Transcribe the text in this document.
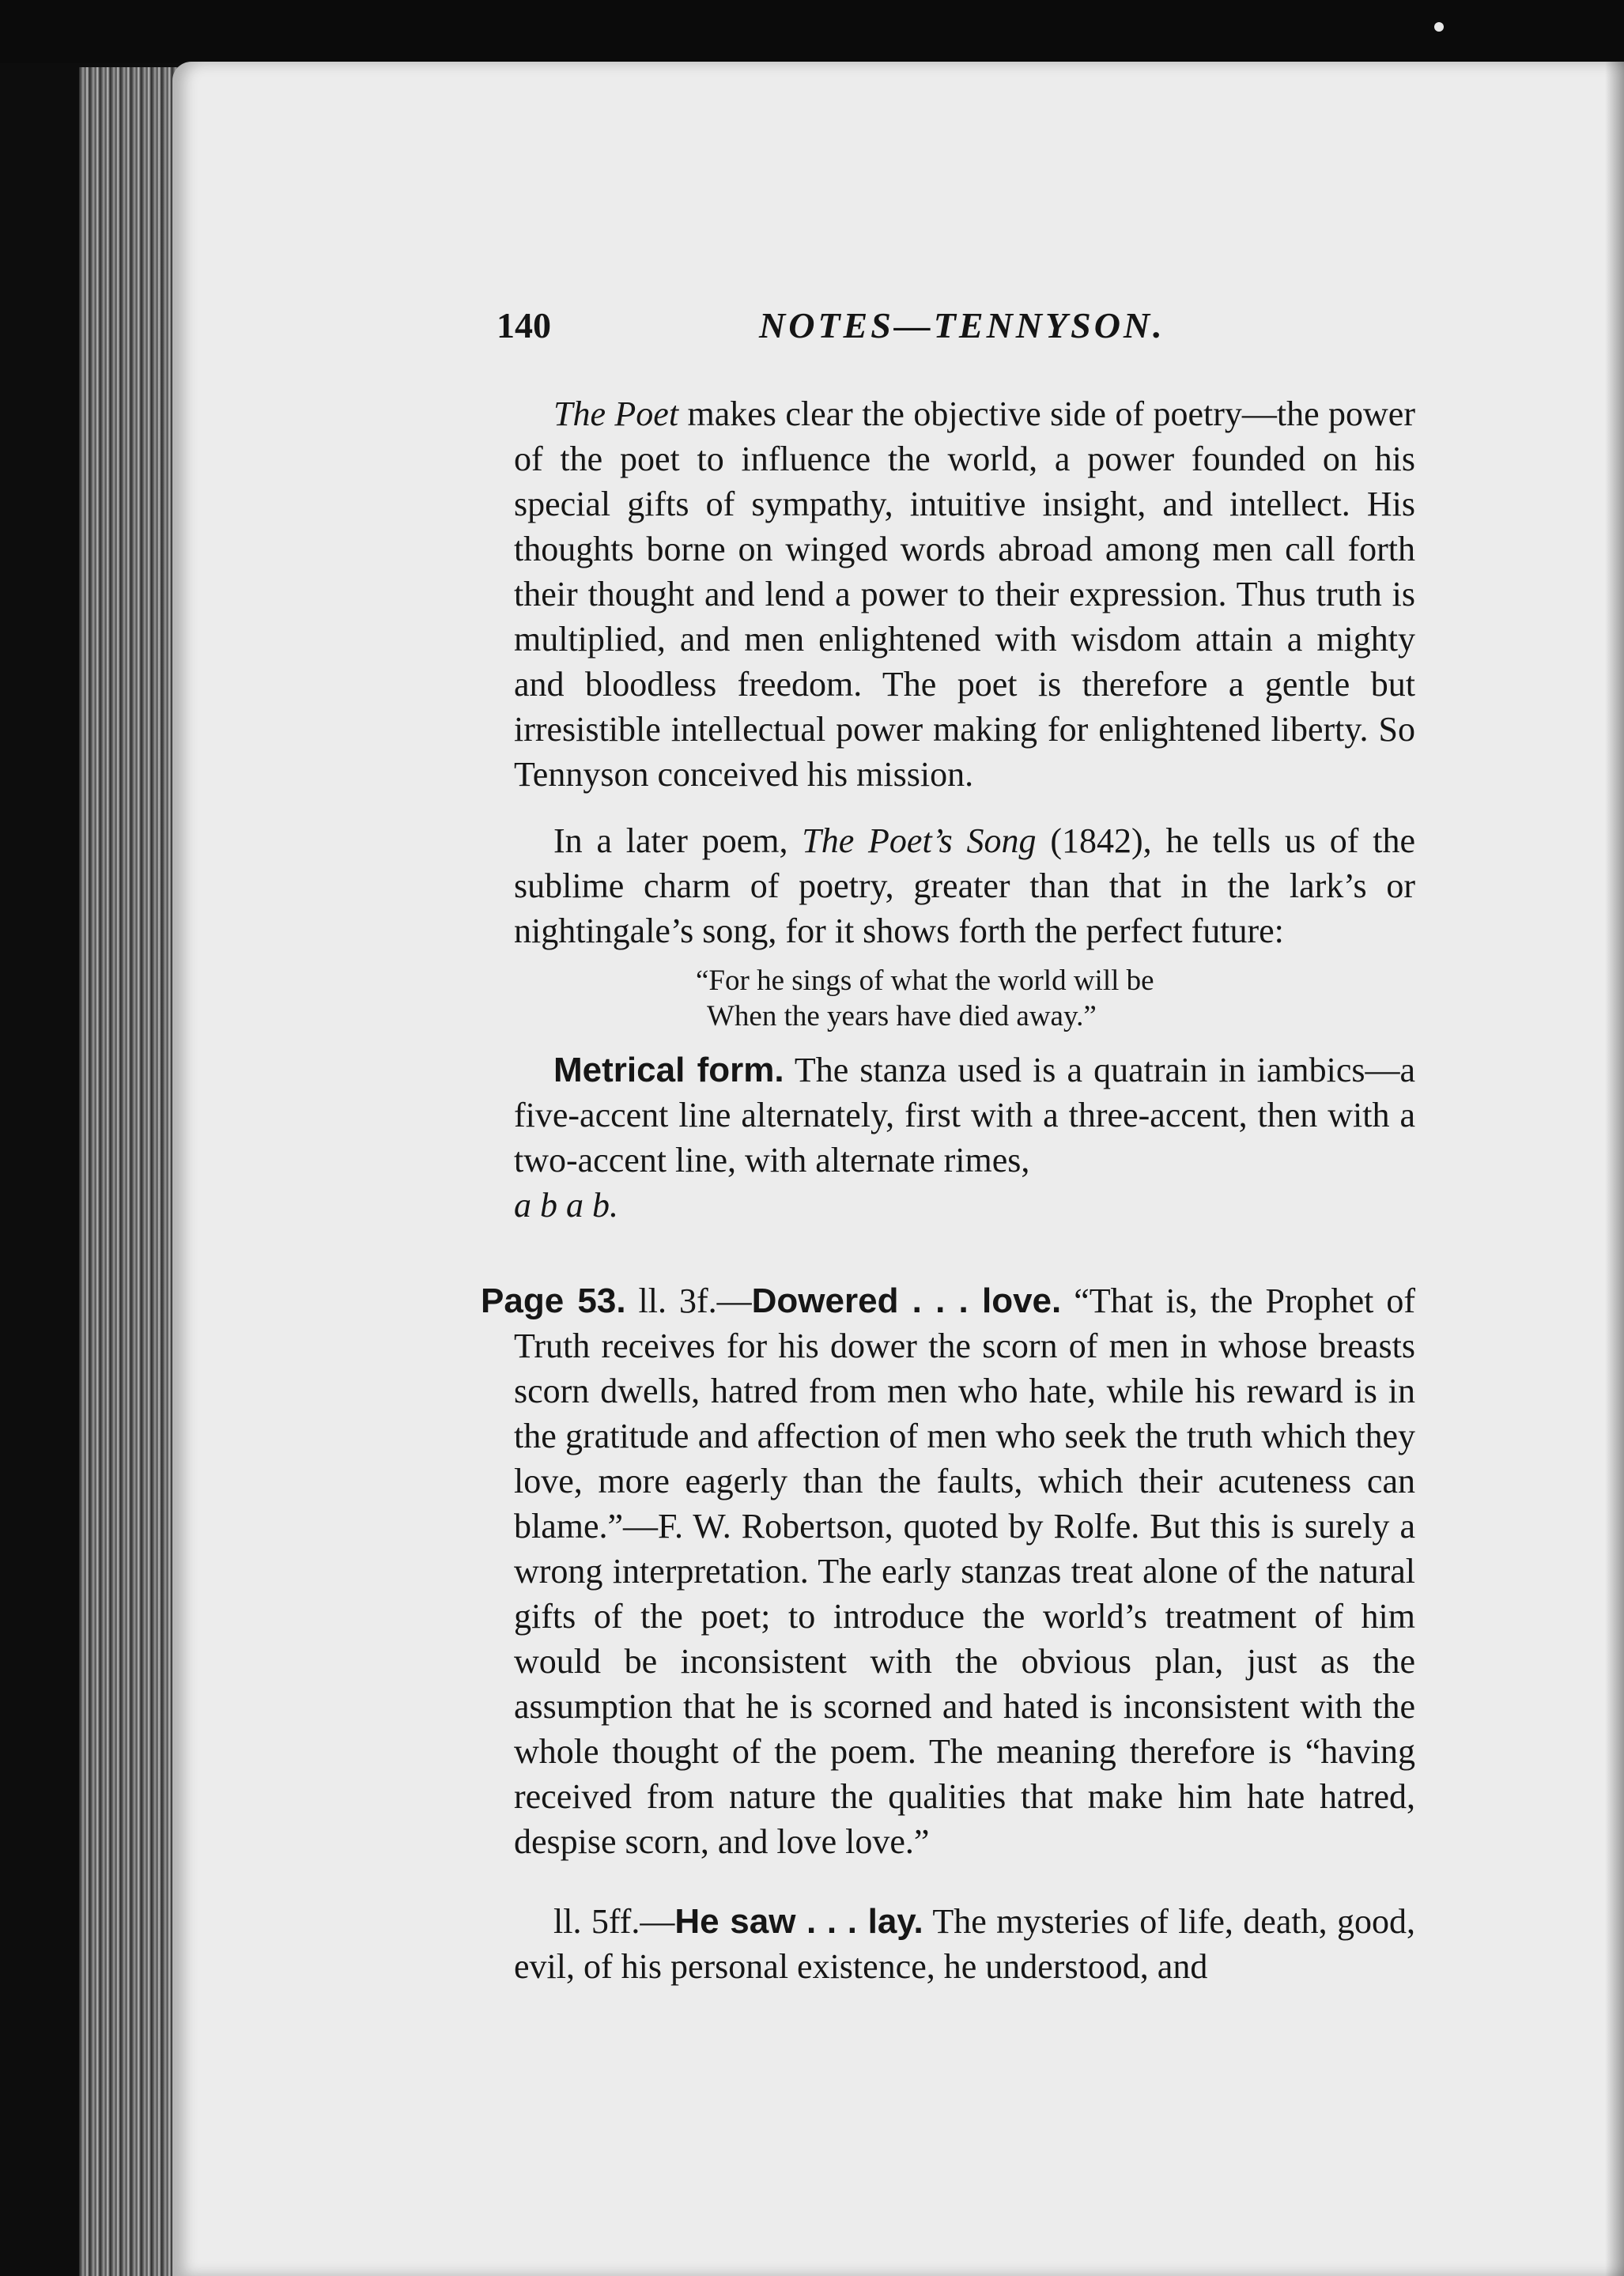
140	NOTES—TENNYSON.

The Poet makes clear the objective side of poetry—the power of the poet to influence the world, a power founded on his special gifts of sympathy, intuitive insight, and intellect. His thoughts borne on winged words abroad among men call forth their thought and lend a power to their expression. Thus truth is multiplied, and men enlightened with wisdom attain a mighty and bloodless freedom. The poet is therefore a gentle but irresistible intellectual power making for enlightened liberty. So Tennyson conceived his mission.

In a later poem, The Poet’s Song (1842), he tells us of the sublime charm of poetry, greater than that in the lark’s or nightingale’s song, for it shows forth the perfect future:

“For he sings of what the world will be
When the years have died away.”

Metrical form. The stanza used is a quatrain in iambics—a five-accent line alternately, first with a three-accent, then with a two-accent line, with alternate rimes,
a b a b.

Page 53. ll. 3f.—Dowered . . . love. “That is, the Prophet of Truth receives for his dower the scorn of men in whose breasts scorn dwells, hatred from men who hate, while his reward is in the gratitude and affection of men who seek the truth which they love, more eagerly than the faults, which their acuteness can blame.”—F. W. Robertson, quoted by Rolfe. But this is surely a wrong interpretation. The early stanzas treat alone of the natural gifts of the poet; to introduce the world’s treatment of him would be inconsistent with the obvious plan, just as the assumption that he is scorned and hated is inconsistent with the whole thought of the poem. The meaning therefore is “having received from nature the qualities that make him hate hatred, despise scorn, and love love.”

ll. 5ff.—He saw . . . lay. The mysteries of life, death, good, evil, of his personal existence, he understood, and
